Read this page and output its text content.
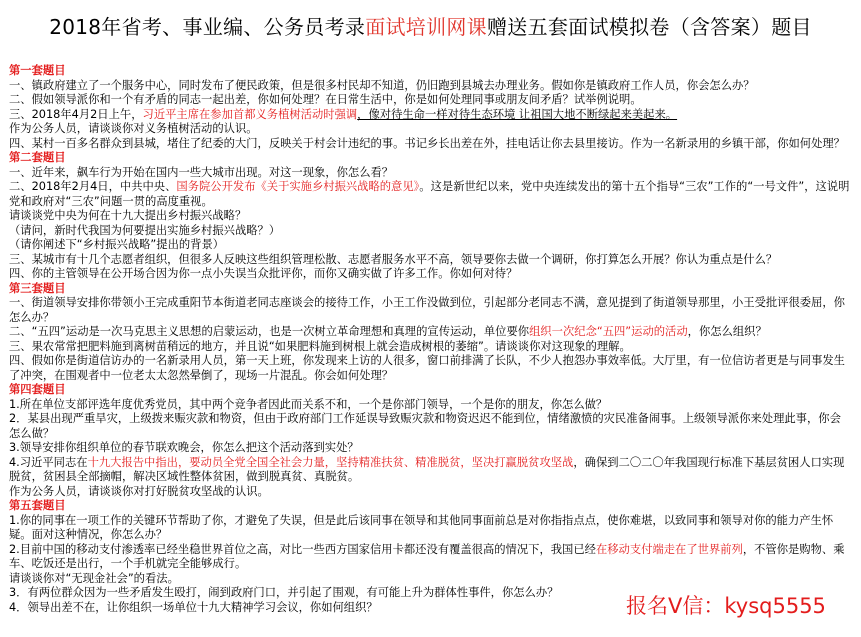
2018年省考、事业编、公务员考录面试培训网课赠送五套面试模拟卷（含答案）题目

第一套题目

一、镇政府建立了一个服务中心，同时发布了便民政策，但是很多村民却不知道，仍旧跑到县城去办理业务。假如你是镇政府工作人员，你会怎么办？

二、假如领导派你和一个有矛盾的同志一起出差，你如何处理？在日常生活中，你是如何处理同事或朋友间矛盾？试举例说明。

三、2018年4月2日上午，习近平主席在参加首都义务植树活动时强调，像对待生命一样对待生态环境 让祖国大地不断绿起来美起来。

作为公务人员，请谈谈你对义务植树活动的认识。

四、某村一百多名群众到县城，堵住了纪委的大门，反映关于村会计违纪的事。书记乡长出差在外，挂电话让你去县里接访。作为一名新录用的乡镇干部，你如何处理？

第二套题目

一、近年来，飙车行为开始在国内一些大城市出现。对这一现象，你怎么看？

二、2018年2月4日，中共中央、国务院公开发布《关于实施乡村振兴战略的意见》。这是新世纪以来，党中央连续发出的第十五个指导“三农”工作的“一号文件”，这说明党和政府对“三农”问题一贯的高度重视。

请谈谈党中央为何在十九大提出乡村振兴战略？

（请问，新时代我国为何要提出实施乡村振兴战略？）

（请你阐述下“乡村振兴战略”提出的背景）

三、某城市有十几个志愿者组织，但很多人反映这些组织管理松散、志愿者服务水平不高，领导要你去做一个调研，你打算怎么开展？你认为重点是什么？

四、你的主管领导在公开场合因为你一点小失误当众批评你，而你又确实做了许多工作。你如何对待？

第三套题目

一、街道领导安排你带领小王完成重阳节本街道老同志座谈会的接待工作，小王工作没做到位，引起部分老同志不满，意见提到了街道领导那里，小王受批评很委屈，你怎么办？

二、“五四”运动是一次马克思主义思想的启蒙运动，也是一次树立革命理想和真理的宣传运动，单位要你组织一次纪念“五四”运动的活动，你怎么组织？

三、果农常常把肥料施到离树苗稍远的地方，并且说“如果肥料施到树根上就会造成树根的萎缩”。请谈谈你对这现象的理解。

四、假如你是街道信访办的一名新录用人员，第一天上班，你发现来上访的人很多，窗口前排满了长队，不少人抱怨办事效率低。大厅里，有一位信访者更是与同事发生了冲突，在围观者中一位老太太忽然晕倒了，现场一片混乱。你会如何处理？

第四套题目

1.所在单位支部评选年度优秀党员，其中两个竞争者因此而关系不和，一个是你部门领导，一个是你的朋友，你怎么做？

2．某县出现严重旱灾，上级拨来赈灾款和物资，但由于政府部门工作延误导致赈灾款和物资迟迟不能到位，情绪激愤的灾民准备闹事。上级领导派你来处理此事，你会怎么做？

3.领导安排你组织单位的春节联欢晚会，你怎么把这个活动落到实处？

4.习近平同志在十九大报告中指出，要动员全党全国全社会力量，坚持精准扶贫、精准脱贫，坚决打赢脱贫攻坚战，确保到二〇二〇年我国现行标准下基层贫困人口实现脱贫，贫困县全部摘帽，解决区域性整体贫困，做到脱真贫、真脱贫。

作为公务人员，请谈谈你对打好脱贫攻坚战的认识。

第五套题目

1.你的同事在一项工作的关键环节帮助了你，才避免了失误，但是此后该同事在领导和其他同事面前总是对你指指点点，使你难堪，以致同事和领导对你的能力产生怀疑。面对这种情况，你怎么办？

2.目前中国的移动支付渗透率已经坐稳世界首位之高，对比一些西方国家信用卡都还没有覆盖很高的情况下，我国已经在移动支付端走在了世界前列，不管你是购物、乘车、吃饭还是出行，一个手机就完全能够成行。

请谈谈你对“无现金社会”的看法。

3．有两位群众因为一些矛盾发生殴打，闹到政府门口，并引起了围观，有可能上升为群体性事件，你怎么办？

4．领导出差不在，让你组织一场单位十九大精神学习会议，你如何组织？	报名V信：kysq5555
